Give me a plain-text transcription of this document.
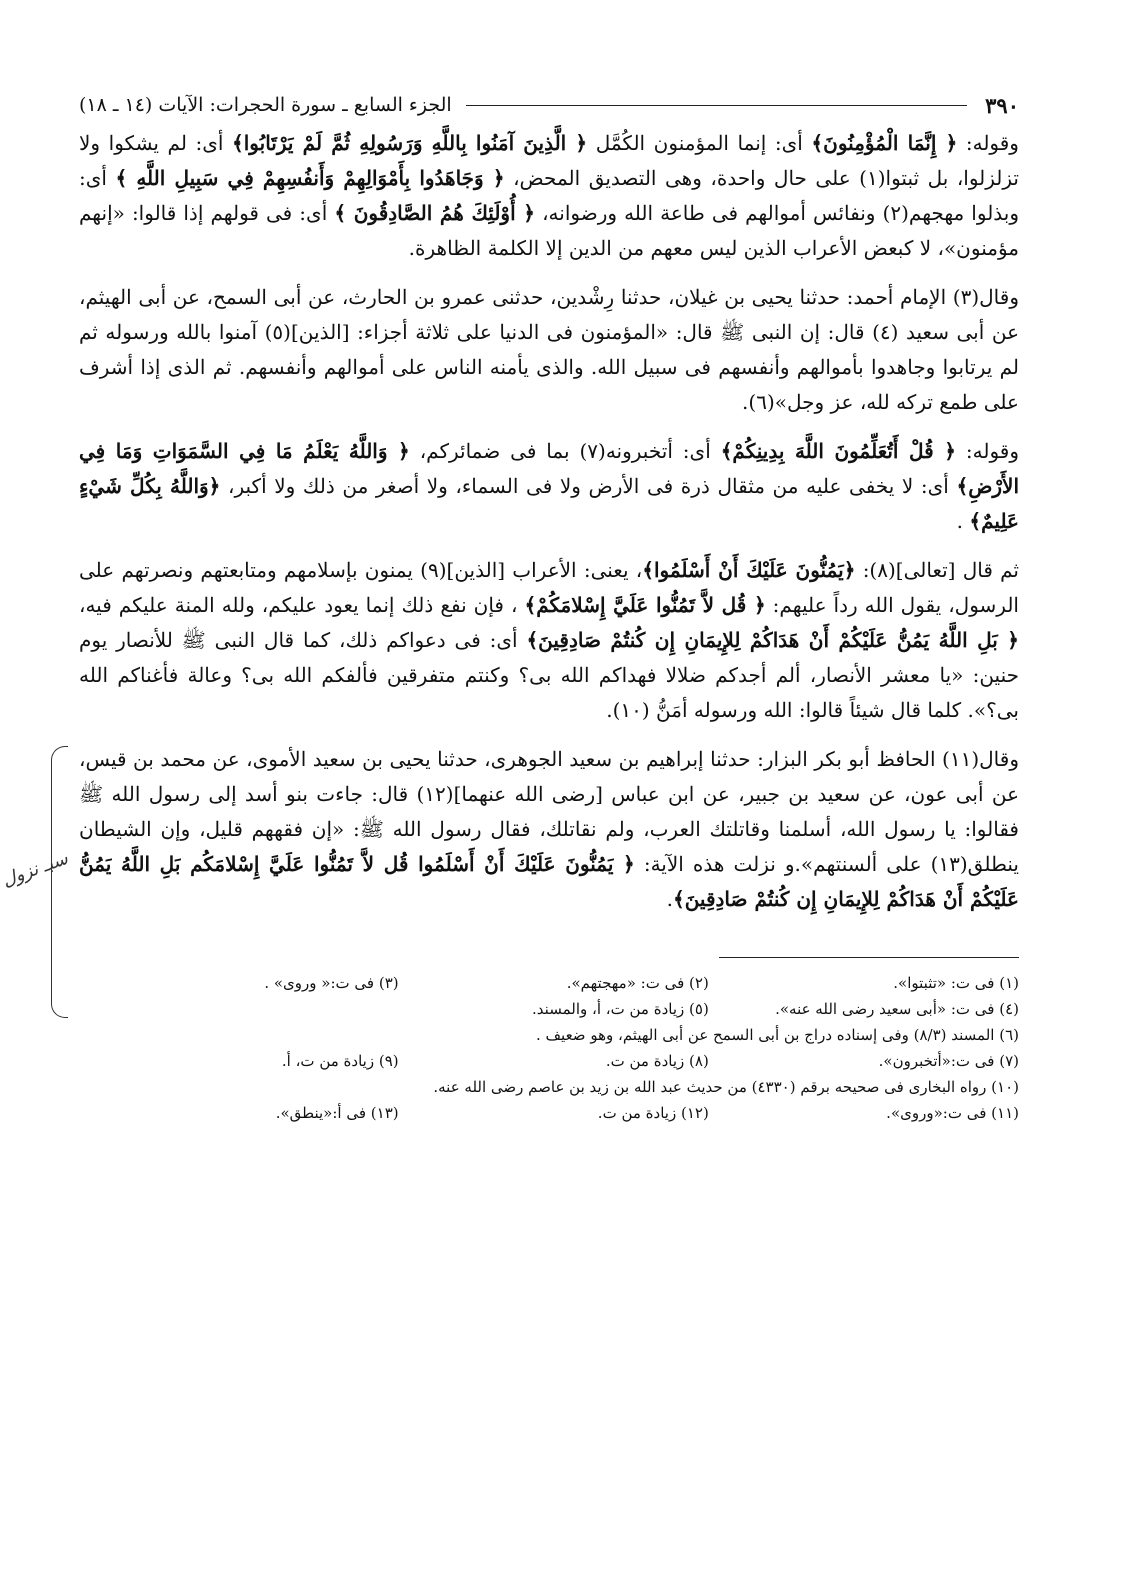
٣٩٠
الجزء السابع ـ سورة الحجرات: الآيات (١٤ ـ ١٨)

وقوله: ﴿ إِنَّمَا الْمُؤْمِنُونَ﴾ أى: إنما المؤمنون الكُمَّل ﴿ الَّذِينَ آمَنُوا بِاللَّهِ وَرَسُولِهِ ثُمَّ لَمْ يَرْتَابُوا﴾ أى: لم يشكوا ولا تزلزلوا، بل ثبتوا(١) على حال واحدة، وهى التصديق المحض، ﴿ وَجَاهَدُوا بِأَمْوَالِهِمْ وَأَنفُسِهِمْ فِي سَبِيلِ اللَّهِ ﴾ أى: وبذلوا مهجهم(٢) ونفائس أموالهم فى طاعة الله ورضوانه، ﴿ أُوْلَئِكَ هُمُ الصَّادِقُونَ ﴾ أى: فى قولهم إذا قالوا: «إنهم مؤمنون»، لا كبعض الأعراب الذين ليس معهم من الدين إلا الكلمة الظاهرة.

وقال(٣) الإمام أحمد: حدثنا يحيى بن غيلان، حدثنا رِشْدين، حدثنى عمرو بن الحارث، عن أبى السمح، عن أبى الهيثم، عن أبى سعيد (٤) قال: إن النبى ﷺ قال: «المؤمنون فى الدنيا على ثلاثة أجزاء: [الذين](٥) آمنوا بالله ورسوله ثم لم يرتابوا وجاهدوا بأموالهم وأنفسهم فى سبيل الله. والذى يأمنه الناس على أموالهم وأنفسهم. ثم الذى إذا أشرف على طمع تركه لله، عز وجل»(٦).

وقوله: ﴿ قُلْ أَتُعَلِّمُونَ اللَّهَ بِدِينِكُمْ﴾ أى: أتخبرونه(٧) بما فى ضمائركم، ﴿ وَاللَّهُ يَعْلَمُ مَا فِي السَّمَوَاتِ وَمَا فِي الأَرْضِ﴾ أى: لا يخفى عليه من مثقال ذرة فى الأرض ولا فى السماء، ولا أصغر من ذلك ولا أكبر، ﴿وَاللَّهُ بِكُلِّ شَيْءٍ عَلِيمٌ﴾ .

ثم قال [تعالى](٨): ﴿يَمُنُّونَ عَلَيْكَ أَنْ أَسْلَمُوا﴾، يعنى: الأعراب [الذين](٩) يمنون بإسلامهم ومتابعتهم ونصرتهم على الرسول، يقول الله رداً عليهم: ﴿ قُل لاَّ تَمُنُّوا عَلَيَّ إِسْلامَكُمْ﴾ ، فإن نفع ذلك إنما يعود عليكم، ولله المنة عليكم فيه، ﴿ بَلِ اللَّهُ يَمُنُّ عَلَيْكُمْ أَنْ هَدَاكُمْ لِلإِيمَانِ إِن كُنتُمْ صَادِقِينَ﴾ أى: فى دعواكم ذلك، كما قال النبى ﷺ للأنصار يوم حنين: «يا معشر الأنصار، ألم أجدكم ضلالا فهداكم الله بى؟ وكنتم متفرقين فألفكم الله بى؟ وعالة فأغناكم الله بى؟». كلما قال شيئاً قالوا: الله ورسوله أمَنُّ (١٠).

سبـ نزول

وقال(١١) الحافظ أبو بكر البزار: حدثنا إبراهيم بن سعيد الجوهرى، حدثنا يحيى بن سعيد الأموى، عن محمد بن قيس، عن أبى عون، عن سعيد بن جبير، عن ابن عباس [رضى الله عنهما](١٢) قال: جاءت بنو أسد إلى رسول الله ﷺ فقالوا: يا رسول الله، أسلمنا وقاتلتك العرب، ولم نقاتلك، فقال رسول الله ﷺ: «إن فقههم قليل، وإن الشيطان ينطلق(١٣) على ألسنتهم».و نزلت هذه الآية: ﴿ يَمُنُّونَ عَلَيْكَ أَنْ أَسْلَمُوا قُل لاَّ تَمُنُّوا عَلَيَّ إِسْلامَكُم بَلِ اللَّهُ يَمُنُّ عَلَيْكُمْ أَنْ هَدَاكُمْ لِلإِيمَانِ إِن كُنتُمْ صَادِقِينَ﴾.

(١) فى ت: «تثبتوا».
(٢) فى ت: «مهجتهم».
(٣) فى ت:« وروى» .
(٤) فى ت: «أبى سعيد رضى الله عنه».
(٥) زيادة من ت، أ، والمسند.
(٦) المسند (٨/٣) وفى إسناده دراج بن أبى السمح عن أبى الهيثم، وهو ضعيف .
(٧) فى ت:«أتخبرون».
(٨) زيادة من ت.
(٩) زيادة من ت، أ.
(١٠) رواه البخارى فى صحيحه برقم (٤٣٣٠) من حديث عبد الله بن زيد بن عاصم رضى الله عنه.
(١١) فى ت:«وروى».
(١٢) زيادة من ت.
(١٣) فى أ:«ينطق».
